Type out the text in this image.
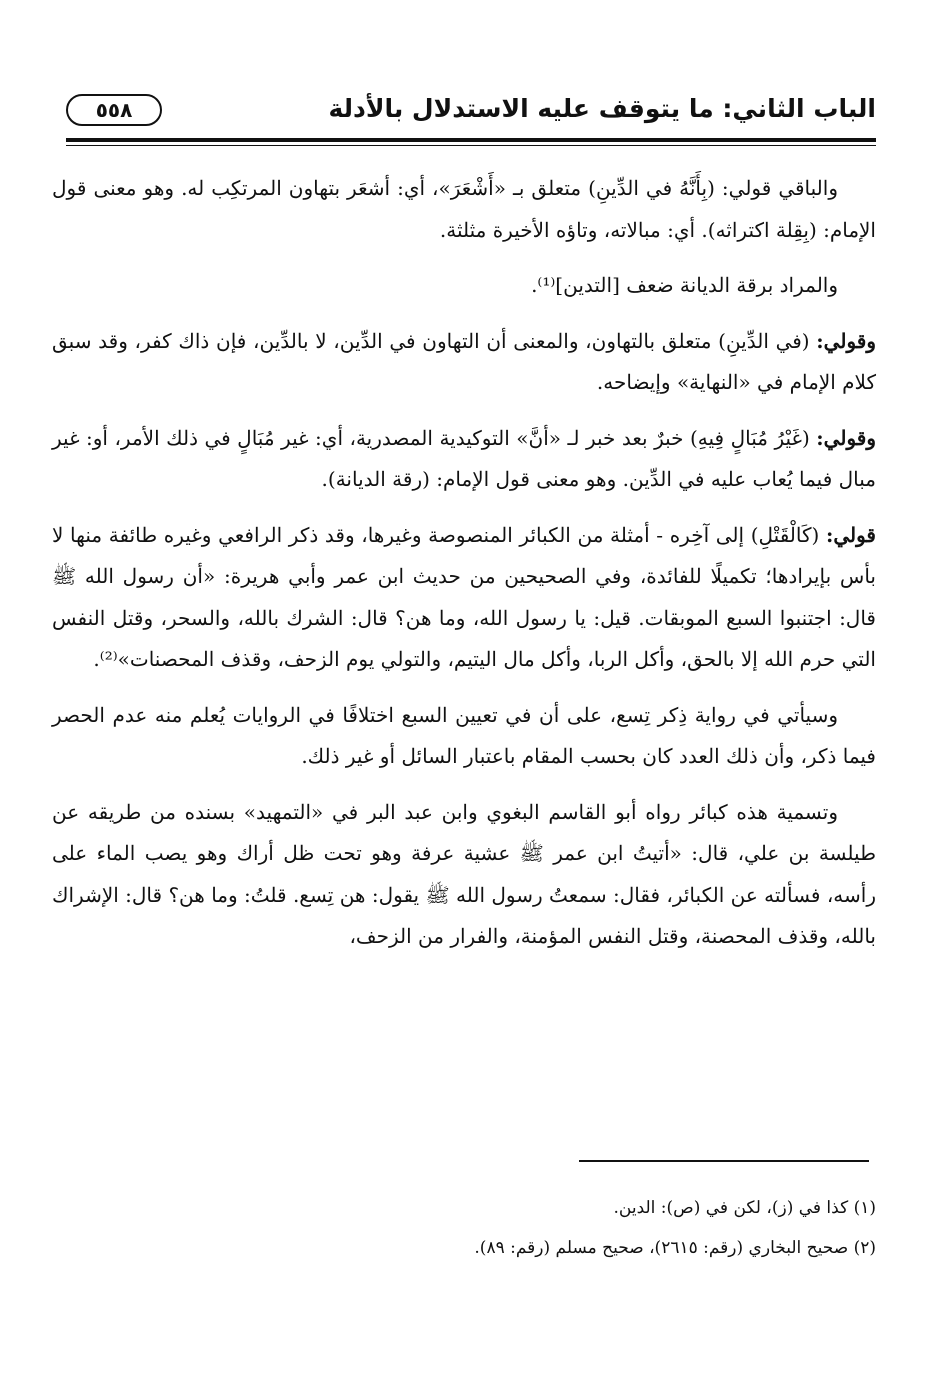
الباب الثاني: ما يتوقف عليه الاستدلال بالأدلة
٥٥٨

والباقي قولي: (بِأَنَّهُ في الدِّينِ) متعلق بـ «أَشْعَرَ»، أي: أشعَر بتهاون المرتكِب له. وهو معنى قول الإمام: (بِقِلة اكتراثه). أي: مباﻻته، وتاؤه الأخيرة مثلثة.

والمراد برقة الديانة ضعف [التدين]⁽¹⁾.

وقولي: (في الدِّينِ) متعلق بالتهاون، والمعنى أن التهاون في الدِّين، لا بالدِّين، فإن ذاك كفر، وقد سبق كلام الإمام في «النهاية» وإيضاحه.

وقولي: (غَيْرُ مُبَالٍ فِيهِ) خبرٌ بعد خبر لـ «أنَّ» التوكيدية المصدرية، أي: غير مُبَالٍ في ذلك الأمر، أو: غير مبال فيما يُعاب عليه في الدِّين. وهو معنى قول الإمام: (رقة الديانة).

قولي: (كَالْقَتْلِ) إلى آخِره - أمثلة من الكبائر المنصوصة وغيرها، وقد ذكر الرافعي وغيره طائفة منها لا بأس بإيرادها؛ تكميلًا للفائدة، وفي الصحيحين من حديث ابن عمر وأبي هريرة: «أن رسول الله ﷺ قال: اجتنبوا السبع الموبقات. قيل: يا رسول الله، وما هن؟ قال: الشرك بالله، والسحر، وقتل النفس التي حرم الله إلا بالحق، وأكل الربا، وأكل مال اليتيم، والتولي يوم الزحف، وقذف المحصنات»⁽²⁾.

وسيأتي في رواية ذِكر تِسع، على أن في تعيين السبع اختلافًا في الروايات يُعلم منه عدم الحصر فيما ذكر، وأن ذلك العدد كان بحسب المقام باعتبار السائل أو غير ذلك.

وتسمية هذه كبائر رواه أبو القاسم البغوي وابن عبد البر في «التمهيد» بسنده من طريقه عن طيلسة بن علي، قال: «أتيتُ ابن عمر ﷺ عشية عرفة وهو تحت ظل أراك وهو يصب الماء على رأسه، فسألته عن الكبائر، فقال: سمعتُ رسول الله ﷺ يقول: هن تِسع. قلتُ: وما هن؟ قال: الإشراك بالله، وقذف المحصنة، وقتل النفس المؤمنة، والفرار من الزحف،

(١) كذا في (ز)، لكن في (ص): الدين.

(٢) صحيح البخاري (رقم: ٢٦١٥)، صحيح مسلم (رقم: ٨٩).
